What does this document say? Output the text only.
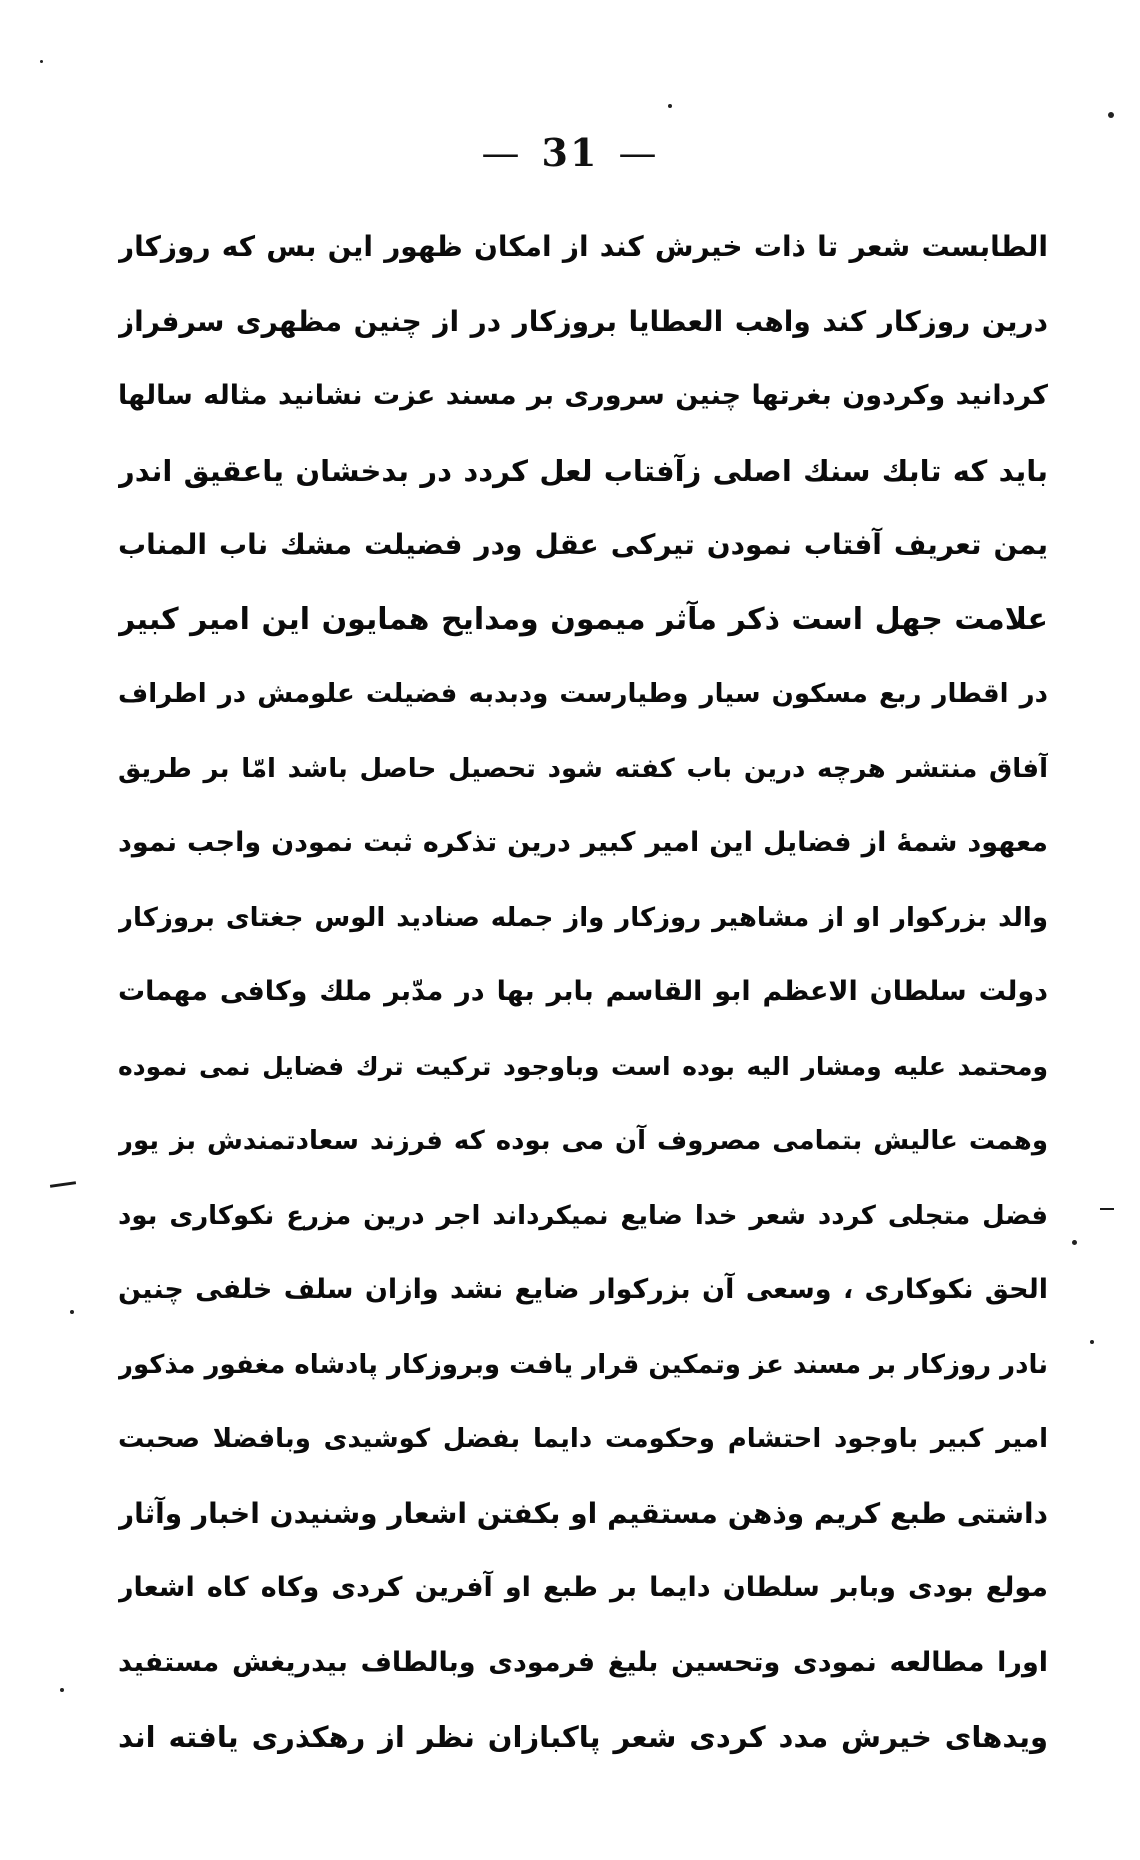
— 31 —
الطابست شعر تا ذات خیرش کند از امکان ظهور این بس که روزکار
درین روزکار کند واهب العطایا بروزکار در از چنین مظهری سرفراز
کردانید وکردون بغرتها چنین سروری بر مسند عزت نشانید مثاله سالها
باید که تابك سنك اصلی زآفتاب لعل کردد در بدخشان یاعقیق اندر
یمن تعریف آفتاب نمودن تیرکی عقل ودر فضیلت مشك ناب المناب
علامت جهل است ذکر مآثر میمون ومدایح همایون این امیر کبیر
در اقطار ربع مسکون سیار وطیارست ودبدبه فضیلت علومش در اطراف
آفاق منتشر هرچه درین باب کفته شود تحصیل حاصل باشد امّا بر طریق
معهود شمهٔ از فضایل این امیر کبیر درین تذکره ثبت نمودن واجب نمود
والد بزرکوار او از مشاهیر روزکار واز جمله صنادید الوس جغتای بروزکار
دولت سلطان الاعظم ابو القاسم بابر بها در مدّبر ملك وکافی مهمات
ومحتمد علیه ومشار الیه بوده است وباوجود ترکیت ترك فضایل نمی نموده
وهمت عالیش بتمامی مصروف آن می بوده که فرزند سعادتمندش بز یور
فضل متجلی کردد شعر خدا ضایع نمیکرداند اجر درین مزرع نکوکاری بود
الحق نکوکاری ، وسعی آن بزرکوار ضایع نشد وازان سلف خلفی چنین
نادر روزکار بر مسند عز وتمکین قرار یافت وبروزکار پادشاه مغفور مذکور
امیر کبیر باوجود احتشام وحکومت دایما بفضل کوشیدی وبافضلا صحبت
داشتی طبع کریم وذهن مستقیم او بکفتن اشعار وشنیدن اخبار وآثار
مولع بودی وبابر سلطان دایما بر طبع او آفرین کردی وکاه کاه اشعار
اورا مطالعه نمودی وتحسین بلیغ فرمودی وبالطاف بیدریغش مستفید
ویدهای خیرش مدد کردی شعر پاکبازان نظر از رهکذری یافته اند
